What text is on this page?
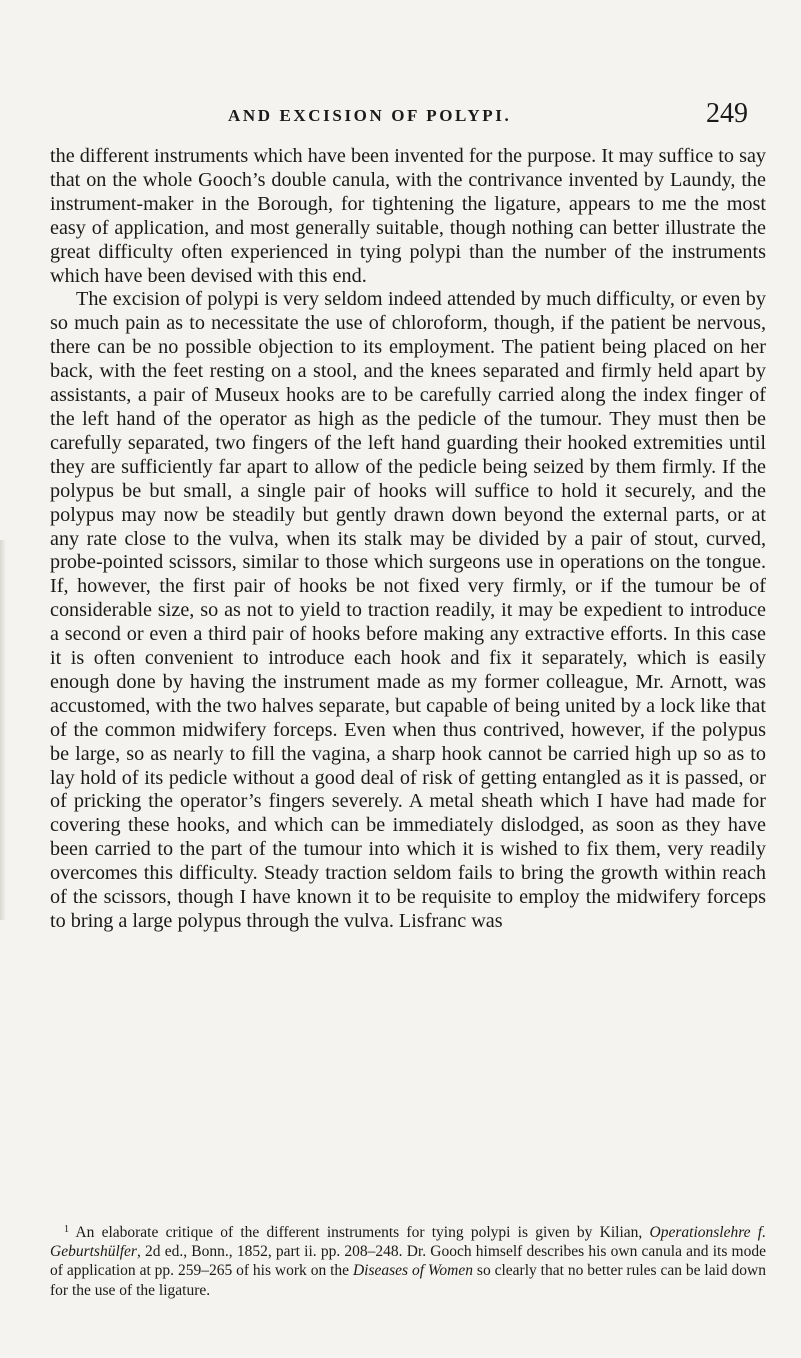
AND EXCISION OF POLYPI.	249

the different instruments which have been invented for the purpose. It may suffice to say that on the whole Gooch’s double canula, with the contrivance invented by Laundy, the instrument-maker in the Borough, for tightening the ligature, appears to me the most easy of application, and most generally suitable, though nothing can better illustrate the great difficulty often experienced in tying polypi than the number of the instruments which have been devised with this end.

The excision of polypi is very seldom indeed attended by much difficulty, or even by so much pain as to necessitate the use of chloroform, though, if the patient be nervous, there can be no possible objection to its employment. The patient being placed on her back, with the feet resting on a stool, and the knees separated and firmly held apart by assistants, a pair of Museux hooks are to be carefully carried along the index finger of the left hand of the operator as high as the pedicle of the tumour. They must then be carefully separated, two fingers of the left hand guarding their hooked extremities until they are sufficiently far apart to allow of the pedicle being seized by them firmly. If the polypus be but small, a single pair of hooks will suffice to hold it securely, and the polypus may now be steadily but gently drawn down beyond the external parts, or at any rate close to the vulva, when its stalk may be divided by a pair of stout, curved, probe-pointed scissors, similar to those which surgeons use in operations on the tongue. If, however, the first pair of hooks be not fixed very firmly, or if the tumour be of considerable size, so as not to yield to traction readily, it may be expedient to introduce a second or even a third pair of hooks before making any extractive efforts. In this case it is often convenient to introduce each hook and fix it separately, which is easily enough done by having the instrument made as my former colleague, Mr. Arnott, was accustomed, with the two halves separate, but capable of being united by a lock like that of the common midwifery forceps. Even when thus contrived, however, if the polypus be large, so as nearly to fill the vagina, a sharp hook cannot be carried high up so as to lay hold of its pedicle without a good deal of risk of getting entangled as it is passed, or of pricking the operator’s fingers severely. A metal sheath which I have had made for covering these hooks, and which can be immediately dislodged, as soon as they have been carried to the part of the tumour into which it is wished to fix them, very readily overcomes this difficulty. Steady traction seldom fails to bring the growth within reach of the scissors, though I have known it to be requisite to employ the midwifery forceps to bring a large polypus through the vulva. Lisfranc was

$^1$ An elaborate critique of the different instruments for tying polypi is given by Kilian, Operationslehre f. Geburtshülfer, 2d ed., Bonn., 1852, part ii. pp. 208–248. Dr. Gooch himself describes his own canula and its mode of application at pp. 259–265 of his work on the Diseases of Women so clearly that no better rules can be laid down for the use of the ligature.
